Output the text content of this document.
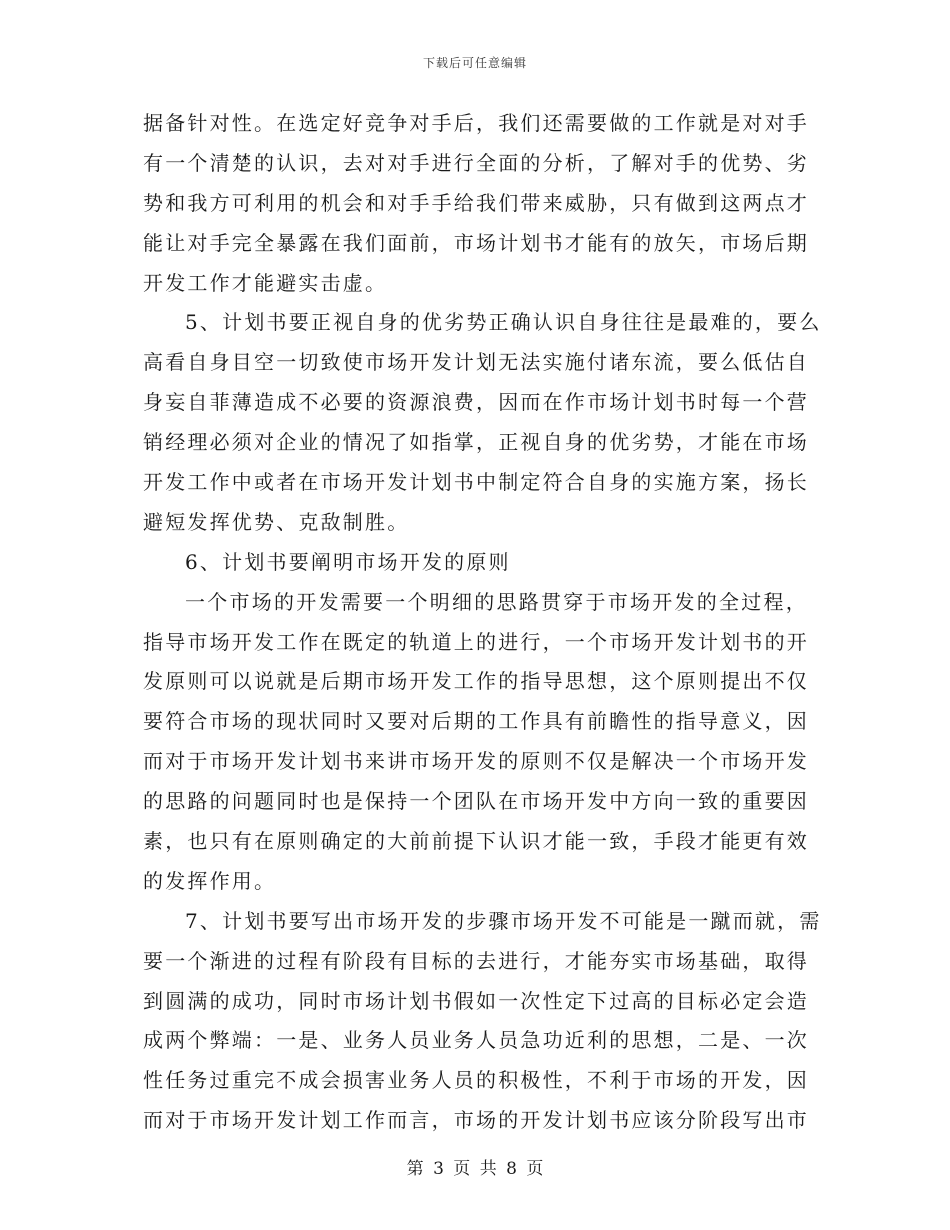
下载后可任意编辑
据备针对性。在选定好竞争对手后，我们还需要做的工作就是对对手
有一个清楚的认识，去对对手进行全面的分析，了解对手的优势、劣
势和我方可利用的机会和对手手给我们带来威胁，只有做到这两点才
能让对手完全暴露在我们面前，市场计划书才能有的放矢，市场后期
开发工作才能避实击虚。
5、计划书要正视自身的优劣势正确认识自身往往是最难的，要么
高看自身目空一切致使市场开发计划无法实施付诸东流，要么低估自
身妄自菲薄造成不必要的资源浪费，因而在作市场计划书时每一个营
销经理必须对企业的情况了如指掌，正视自身的优劣势，才能在市场
开发工作中或者在市场开发计划书中制定符合自身的实施方案，扬长
避短发挥优势、克敌制胜。
6、计划书要阐明市场开发的原则
一个市场的开发需要一个明细的思路贯穿于市场开发的全过程，
指导市场开发工作在既定的轨道上的进行，一个市场开发计划书的开
发原则可以说就是后期市场开发工作的指导思想，这个原则提出不仅
要符合市场的现状同时又要对后期的工作具有前瞻性的指导意义，因
而对于市场开发计划书来讲市场开发的原则不仅是解决一个市场开发
的思路的问题同时也是保持一个团队在市场开发中方向一致的重要因
素，也只有在原则确定的大前前提下认识才能一致，手段才能更有效
的发挥作用。
7、计划书要写出市场开发的步骤市场开发不可能是一蹴而就，需
要一个渐进的过程有阶段有目标的去进行，才能夯实市场基础，取得
到圆满的成功，同时市场计划书假如一次性定下过高的目标必定会造
成两个弊端：一是、业务人员业务人员急功近利的思想，二是、一次
性任务过重完不成会损害业务人员的积极性，不利于市场的开发，因
而对于市场开发计划工作而言，市场的开发计划书应该分阶段写出市
第 3 页 共 8 页
